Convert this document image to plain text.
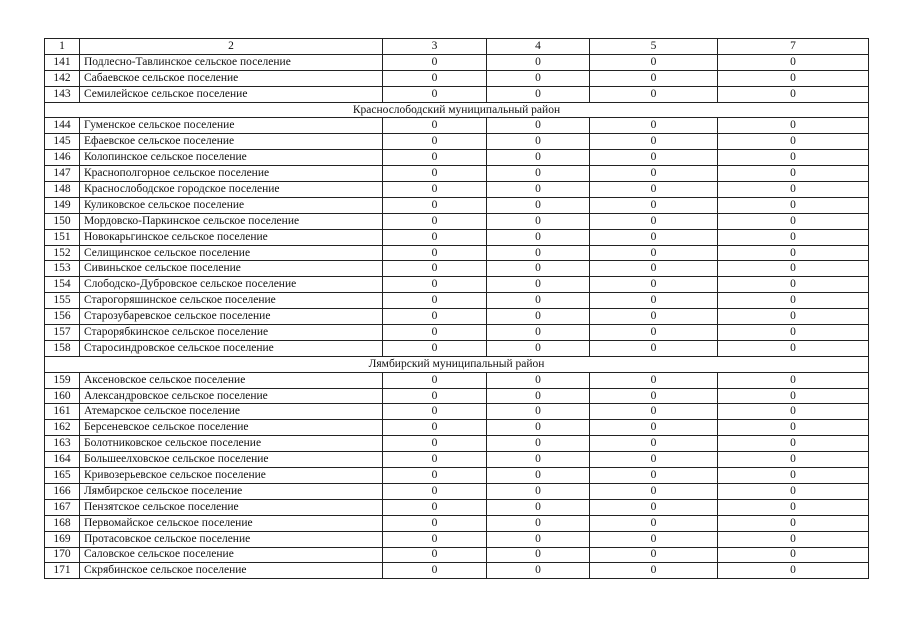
1	2	3	4	5	7
141	Подлесно-Тавлинское сельское поселение	0	0	0	0
142	Сабаевское сельское поселение	0	0	0	0
143	Семилейское сельское поселение	0	0	0	0
Краснослободский муниципальный район					
144	Гуменское сельское поселение	0	0	0	0
145	Ефаевское сельское поселение	0	0	0	0
146	Колопинское сельское поселение	0	0	0	0
147	Краснополгорное сельское поселение	0	0	0	0
148	Краснослободское городское поселение	0	0	0	0
149	Куликовское сельское поселение	0	0	0	0
150	Мордовско-Паркинское сельское поселение	0	0	0	0
151	Новокарьгинское сельское поселение	0	0	0	0
152	Селищинское сельское поселение	0	0	0	0
153	Сивиньское сельское поселение	0	0	0	0
154	Слободско-Дубровское сельское поселение	0	0	0	0
155	Старогоряшинское сельское поселение	0	0	0	0
156	Старозубаревское сельское поселение	0	0	0	0
157	Старорябкинское сельское поселение	0	0	0	0
158	Старосиндровское сельское поселение	0	0	0	0
Лямбирский муниципальный район					
159	Аксеновское сельское поселение	0	0	0	0
160	Александровское сельское поселение	0	0	0	0
161	Атемарское сельское поселение	0	0	0	0
162	Берсеневское сельское поселение	0	0	0	0
163	Болотниковское сельское поселение	0	0	0	0
164	Большеелховское сельское поселение	0	0	0	0
165	Кривозерьевское сельское поселение	0	0	0	0
166	Лямбирское сельское поселение	0	0	0	0
167	Пензятское сельское поселение	0	0	0	0
168	Первомайское сельское поселение	0	0	0	0
169	Протасовское сельское поселение	0	0	0	0
170	Саловское сельское поселение	0	0	0	0
171	Скрябинское сельское поселение	0	0	0	0
